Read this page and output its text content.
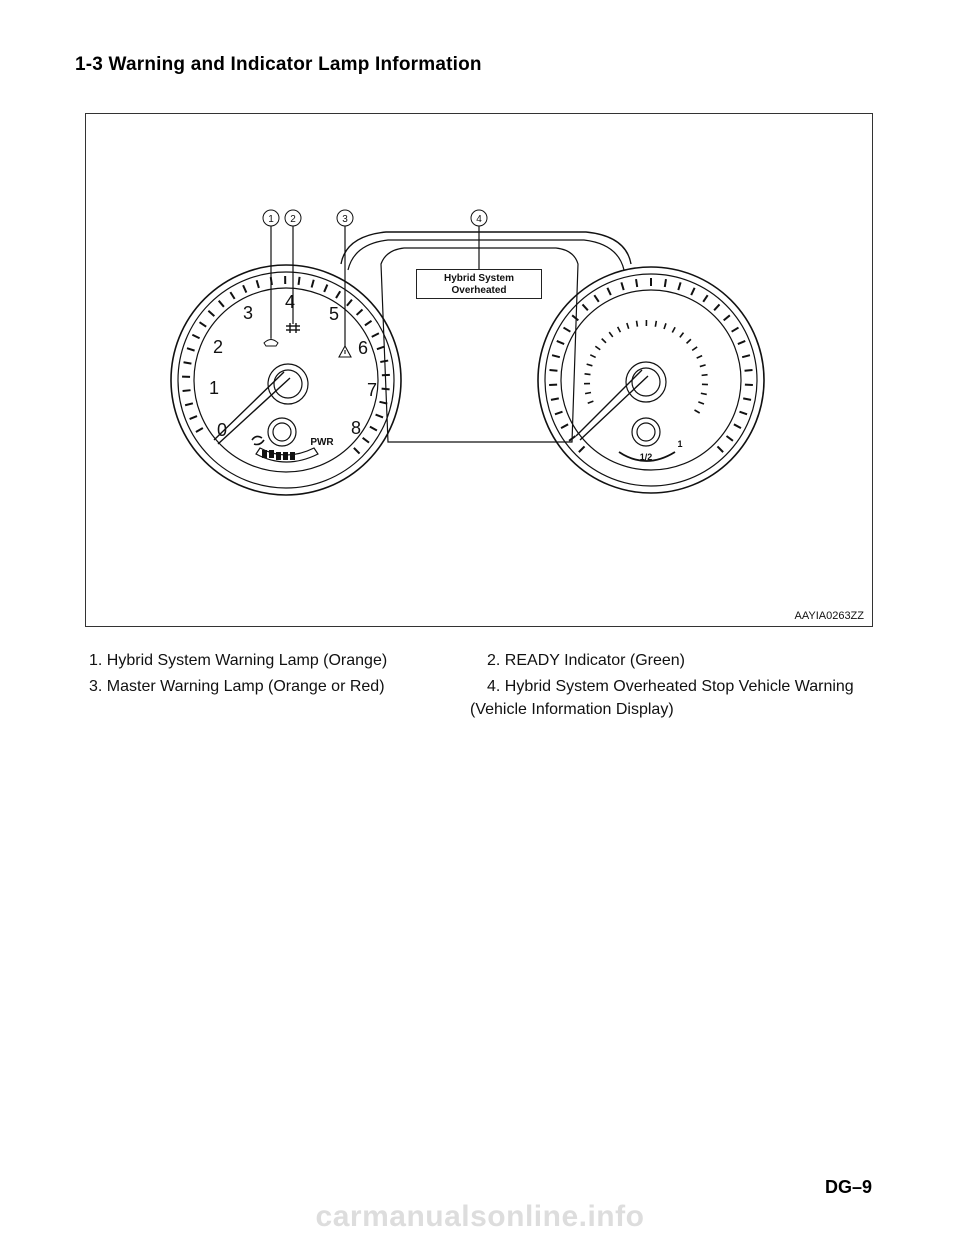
1-3 Warning and Indicator Lamp Information
1 2	3	4
0
1
2
3
4
5
6
7
8
PWR
1/2
1
Hybrid System
Overheated
AAYIA0263ZZ
1. Hybrid System Warning Lamp (Orange)	2. READY Indicator (Green)
3. Master Warning Lamp (Orange or Red)	4. Hybrid System Overheated Stop Vehicle Warning
(Vehicle Information Display)
DG–9
carmanualsonline.info
